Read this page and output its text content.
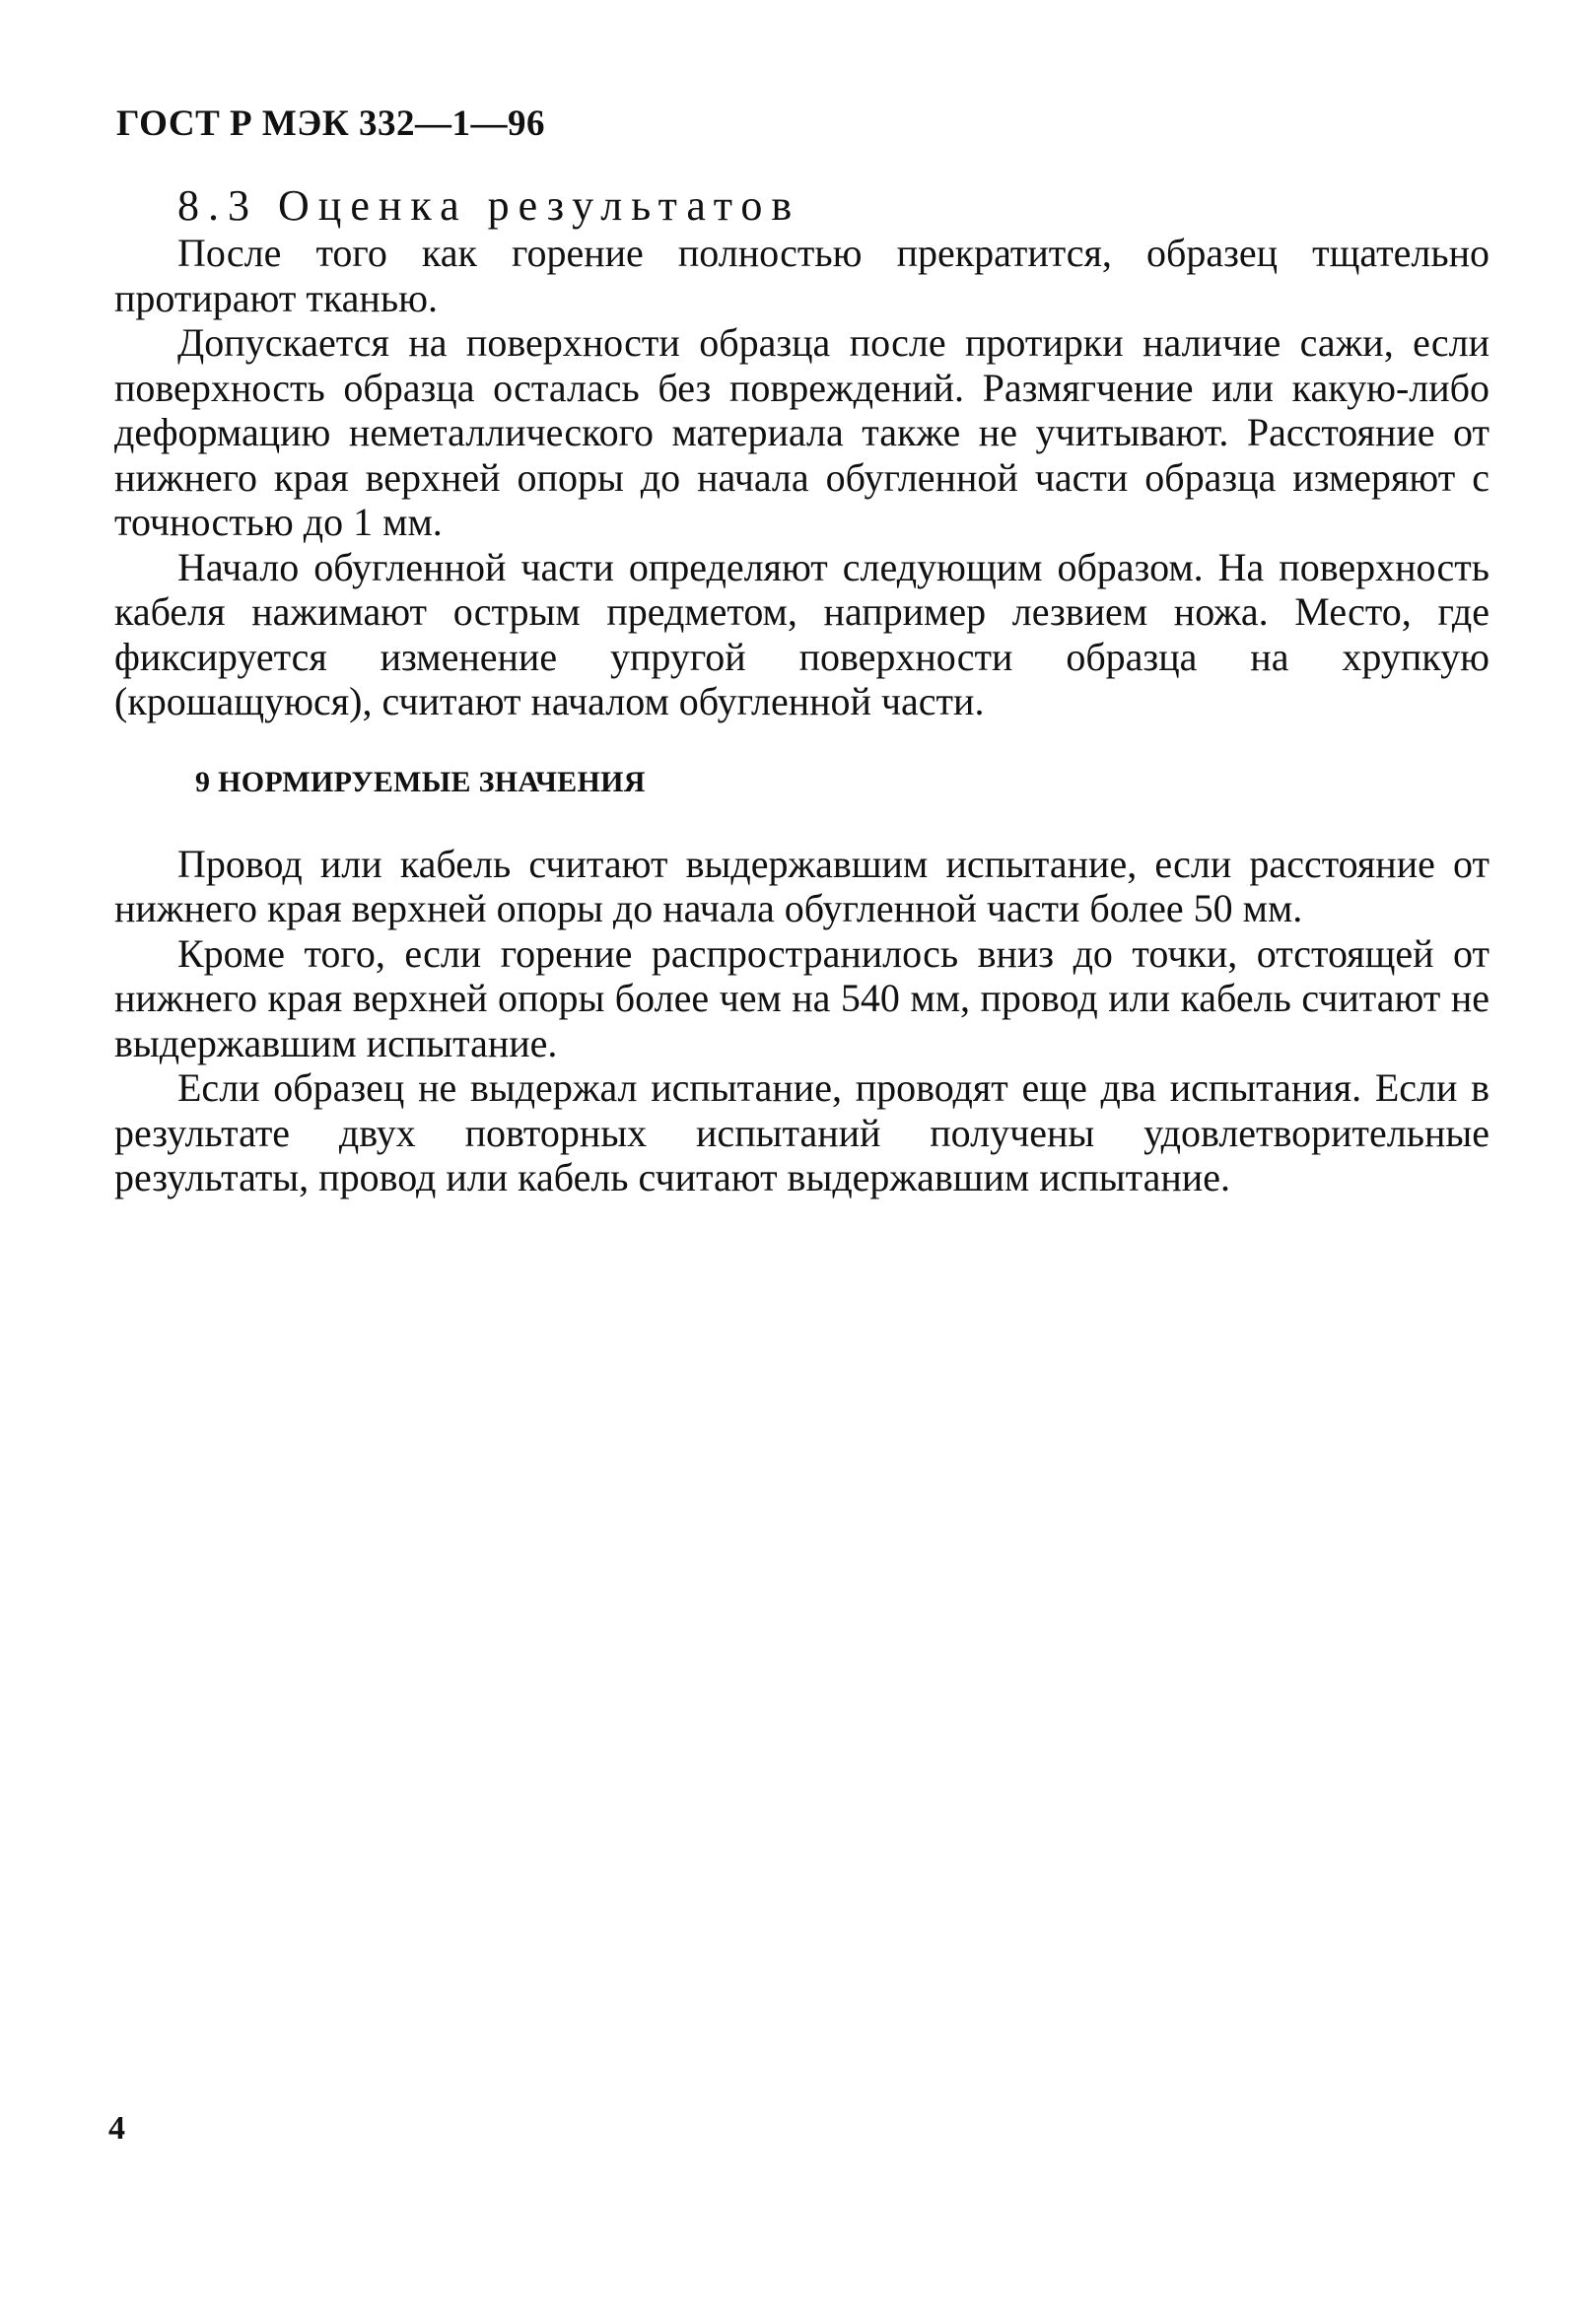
ГОСТ Р МЭК 332—1—96
8.3 Оценка результатов

После того как горение полностью прекратится, образец тщательно протирают тканью.

Допускается на поверхности образца после протирки наличие сажи, если поверхность образца осталась без повреждений. Размягчение или какую-либо деформацию неметаллического материала также не учитывают. Расстояние от нижнего края верхней опоры до начала обугленной части образца измеряют с точностью до 1 мм.

Начало обугленной части определяют следующим образом. На поверхность кабеля нажимают острым предметом, например лезвием ножа. Место, где фиксируется изменение упругой поверхности образца на хрупкую (крошащуюся), считают началом обугленной части.

9 НОРМИРУЕМЫЕ ЗНАЧЕНИЯ

Провод или кабель считают выдержавшим испытание, если расстояние от нижнего края верхней опоры до начала обугленной части более 50 мм.

Кроме того, если горение распространилось вниз до точки, отстоящей от нижнего края верхней опоры более чем на 540 мм, провод или кабель считают не выдержавшим испытание.

Если образец не выдержал испытание, проводят еще два испытания. Если в результате двух повторных испытаний получены удовлетворительные результаты, провод или кабель считают выдержавшим испытание.

4
